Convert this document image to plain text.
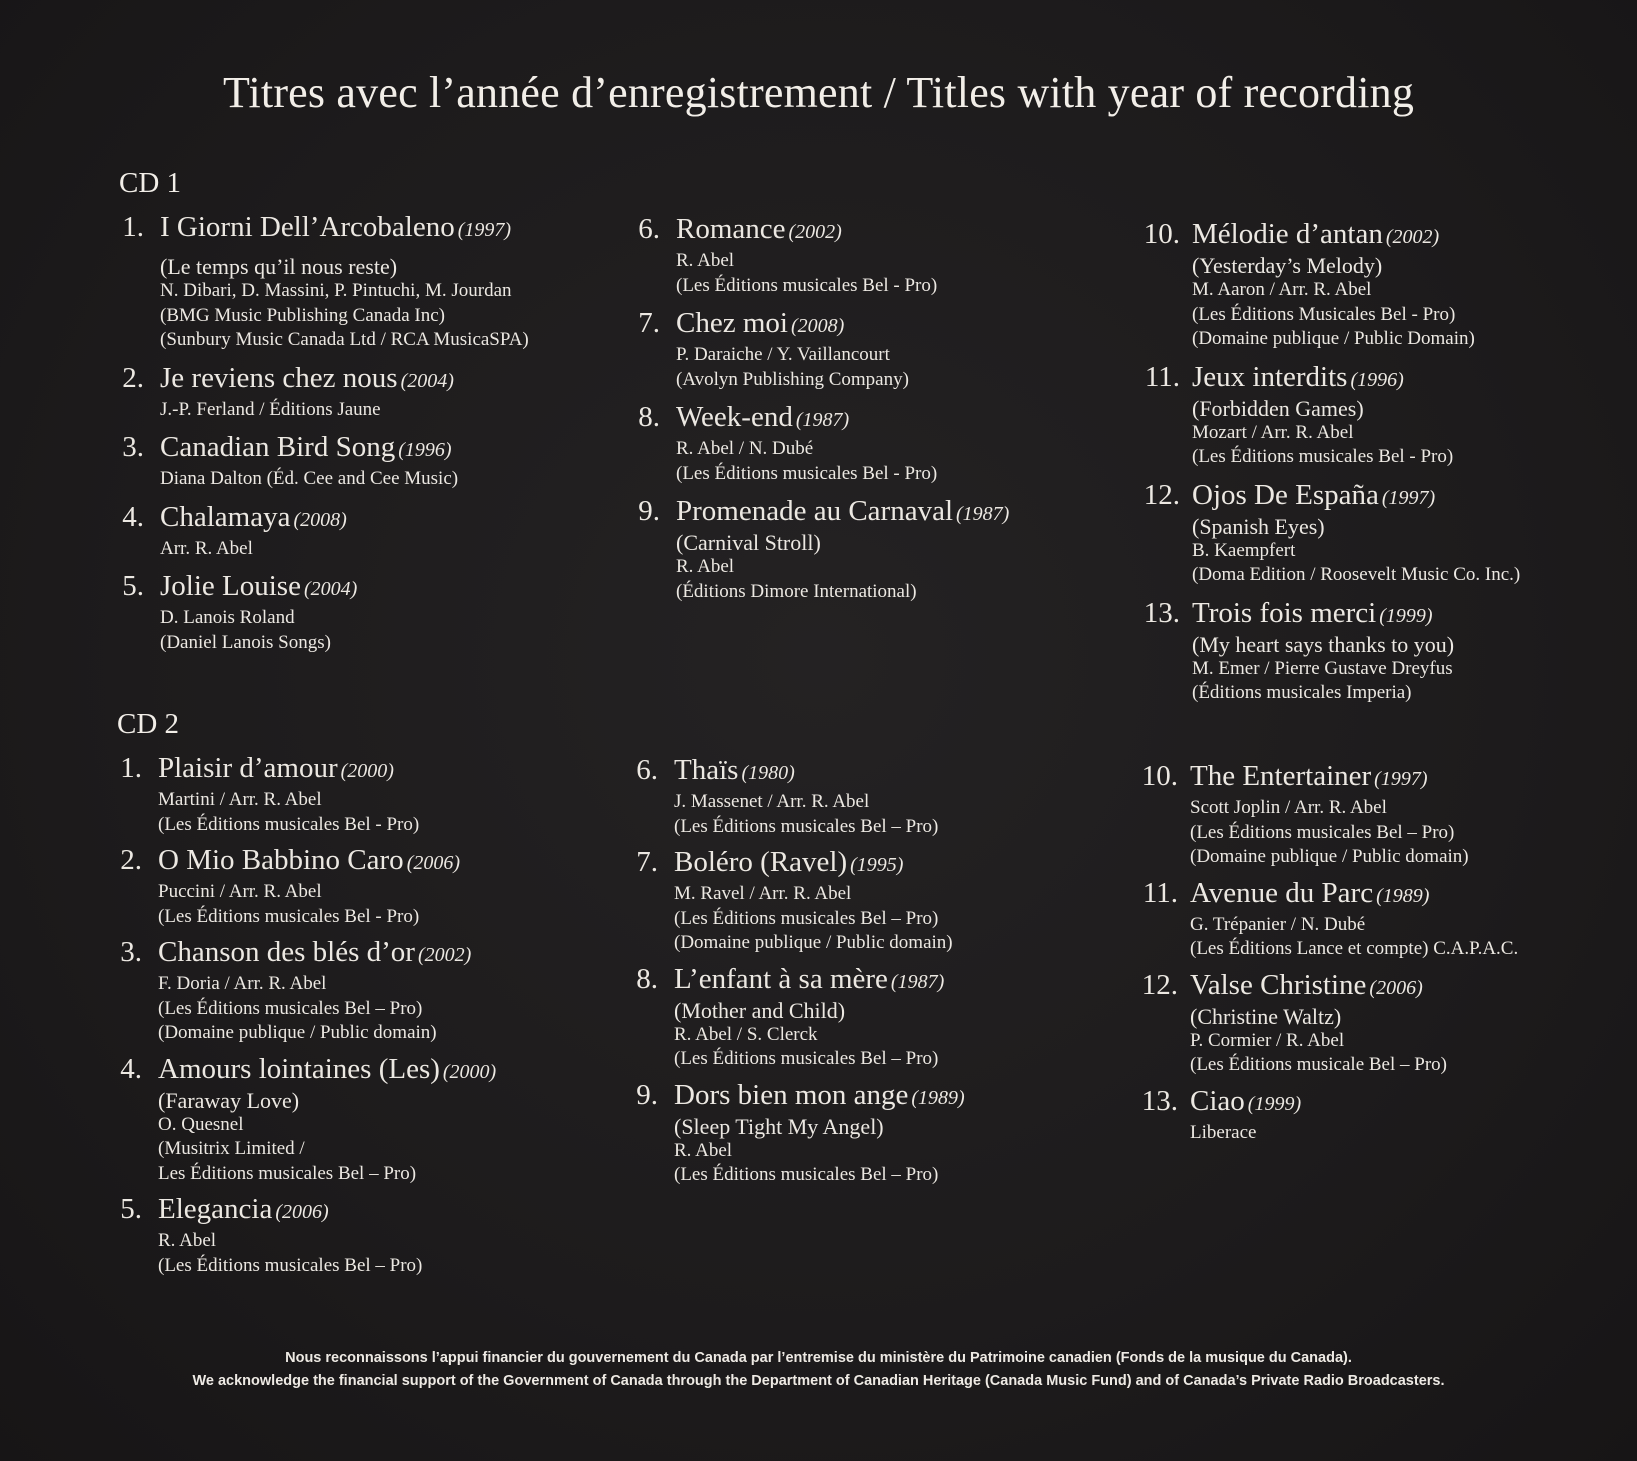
Titres avec l’année d’enregistrement / Titles with year of recording
CD 1
CD 2
1. I Giorni Dell’Arcobaleno (1997)
(Le temps qu’il nous reste)
N. Dibari, D. Massini, P. Pintuchi, M. Jourdan
(BMG Music Publishing Canada Inc)
(Sunbury Music Canada Ltd / RCA MusicaSPA)
2. Je reviens chez nous (2004)
J.-P. Ferland / Éditions Jaune
3. Canadian Bird Song (1996)
Diana Dalton (Éd. Cee and Cee Music)
4. Chalamaya (2008)
Arr. R. Abel
5. Jolie Louise (2004)
D. Lanois Roland
(Daniel Lanois Songs)
6. Romance (2002)
R. Abel
(Les Éditions musicales Bel - Pro)
7. Chez moi (2008)
P. Daraiche / Y. Vaillancourt
(Avolyn Publishing Company)
8. Week-end (1987)
R. Abel / N. Dubé
(Les Éditions musicales Bel - Pro)
9. Promenade au Carnaval (1987)
(Carnival Stroll)
R. Abel
(Éditions Dimore International)
10. Mélodie d’antan (2002)
(Yesterday’s Melody)
M. Aaron / Arr. R. Abel
(Les Éditions Musicales Bel - Pro)
(Domaine publique / Public Domain)
11. Jeux interdits (1996)
(Forbidden Games)
Mozart / Arr. R. Abel
(Les Éditions musicales Bel - Pro)
12. Ojos De España (1997)
(Spanish Eyes)
B. Kaempfert
(Doma Edition / Roosevelt Music Co. Inc.)
13. Trois fois merci (1999)
(My heart says thanks to you)
M. Emer / Pierre Gustave Dreyfus
(Éditions musicales Imperia)
1. Plaisir d’amour (2000)
Martini / Arr. R. Abel
(Les Éditions musicales Bel - Pro)
2. O Mio Babbino Caro (2006)
Puccini / Arr. R. Abel
(Les Éditions musicales Bel - Pro)
3. Chanson des blés d’or (2002)
F. Doria / Arr. R. Abel
(Les Éditions musicales Bel – Pro)
(Domaine publique / Public domain)
4. Amours lointaines (Les) (2000)
(Faraway Love)
O. Quesnel
(Musitrix Limited /
Les Éditions musicales Bel – Pro)
5. Elegancia (2006)
R. Abel
(Les Éditions musicales Bel – Pro)
6. Thaïs (1980)
J. Massenet / Arr. R. Abel
(Les Éditions musicales Bel – Pro)
7. Boléro (Ravel) (1995)
M. Ravel / Arr. R. Abel
(Les Éditions musicales Bel – Pro)
(Domaine publique / Public domain)
8. L’enfant à sa mère (1987)
(Mother and Child)
R. Abel / S. Clerck
(Les Éditions musicales Bel – Pro)
9. Dors bien mon ange (1989)
(Sleep Tight My Angel)
R. Abel
(Les Éditions musicales Bel – Pro)
10. The Entertainer (1997)
Scott Joplin / Arr. R. Abel
(Les Éditions musicales Bel – Pro)
(Domaine publique / Public domain)
11. Avenue du Parc (1989)
G. Trépanier / N. Dubé
(Les Éditions Lance et compte) C.A.P.A.C.
12. Valse Christine (2006)
(Christine Waltz)
P. Cormier / R. Abel
(Les Éditions musicale Bel – Pro)
13. Ciao (1999)
Liberace
Nous reconnaissons l’appui financier du gouvernement du Canada par l’entremise du ministère du Patrimoine canadien (Fonds de la musique du Canada).
We acknowledge the financial support of the Government of Canada through the Department of Canadian Heritage (Canada Music Fund) and of Canada’s Private Radio Broadcasters.
